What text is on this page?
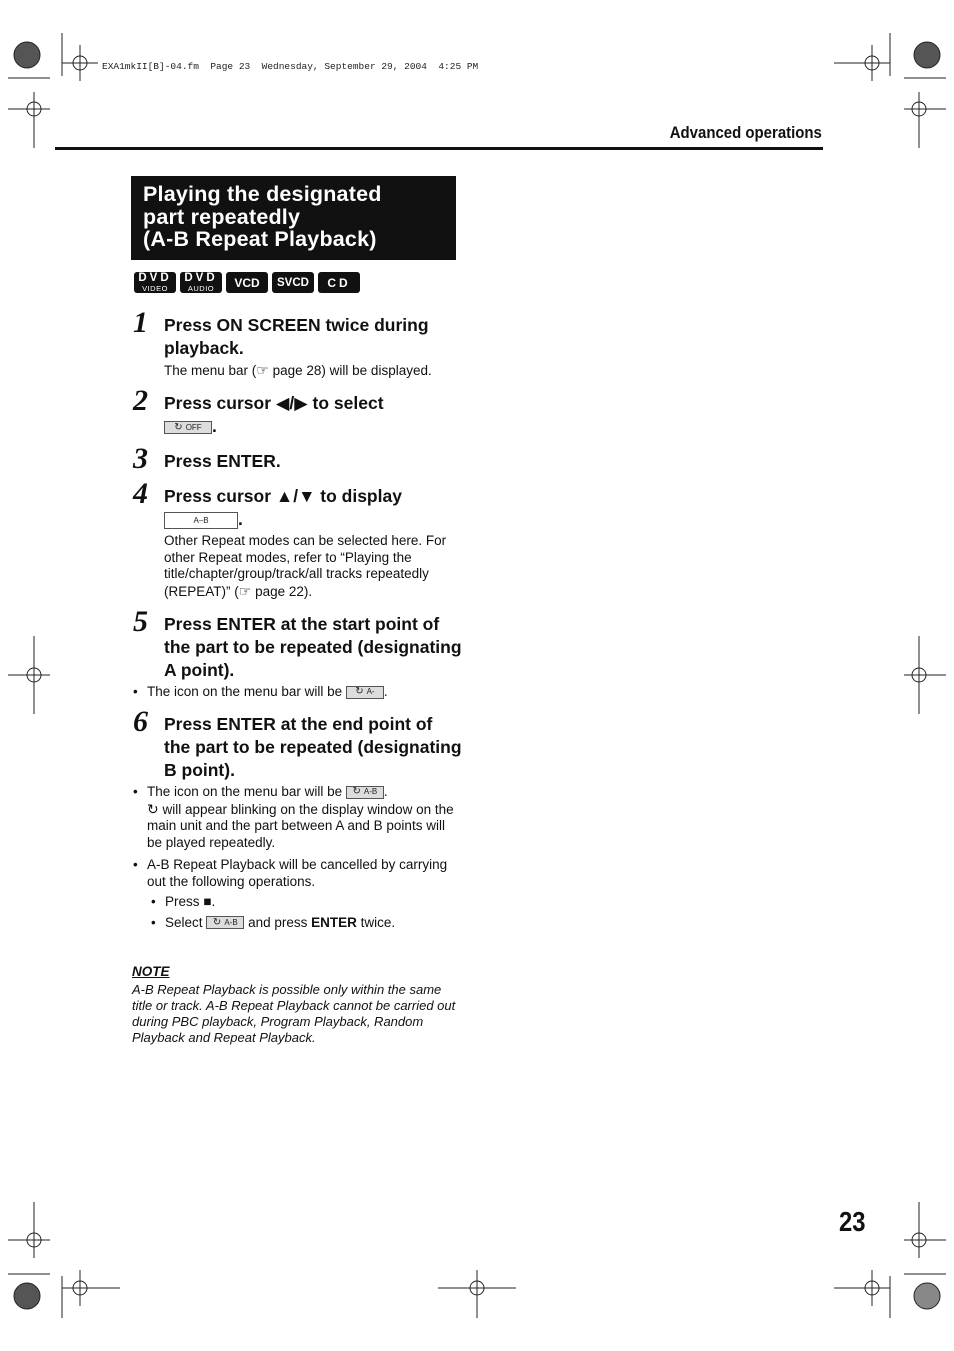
EXA1mkII[B]-04.fm  Page 23  Wednesday, September 29, 2004  4:25 PM
Advanced operations
Playing the designated
part repeatedly
(A-B Repeat Playback)
DVD
VIDEO
DVD
AUDIO	VCD	SVCD	CD
1 Press ON SCREEN twice during playback.
The menu bar (☞ page 28) will be displayed.
2 Press cursor ◀/▶ to select

↻ OFF .
3 Press ENTER.
4 Press cursor ▲/▼ to display
A–B .
Other Repeat modes can be selected here. For other Repeat modes, refer to “Playing the title/chapter/group/track/all tracks repeatedly (REPEAT)” (☞ page 22).
5 Press ENTER at the start point of the part to be repeated (designating A point).
• The icon on the menu bar will be ↻ A- .
6 Press ENTER at the end point of the part to be repeated (designating B point).
• The icon on the menu bar will be ↻ A-B .
↻ will appear blinking on the display window on the main unit and the part between A and B points will be played repeatedly.
• A-B Repeat Playback will be cancelled by carrying out the following operations.
• Press ■.
• Select ↻ A-B and press ENTER twice.
NOTE
A-B Repeat Playback is possible only within the same title or track. A-B Repeat Playback cannot be carried out during PBC playback, Program Playback, Random Playback and Repeat Playback.
23
